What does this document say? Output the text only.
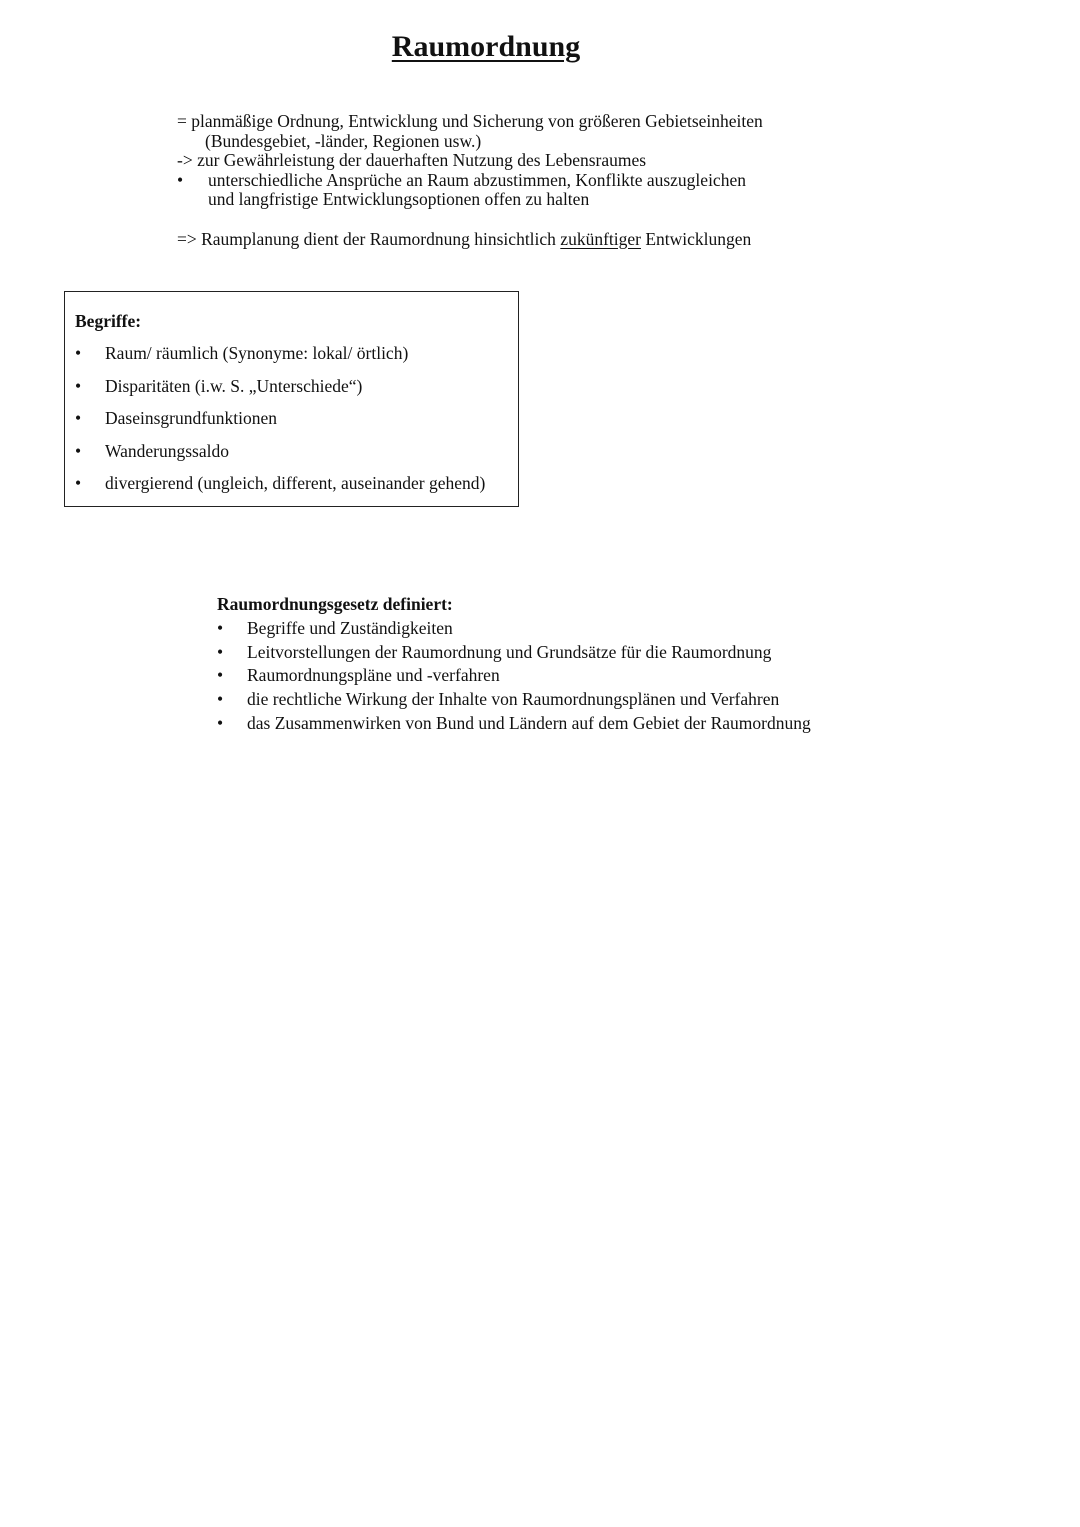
Raumordnung
= planmäßige Ordnung, Entwicklung und Sicherung von größeren Gebietseinheiten
(Bundesgebiet, -länder, Regionen usw.)
-> zur Gewährleistung der dauerhaften Nutzung des Lebensraumes
•	unterschiedliche Ansprüche an Raum abzustimmen, Konflikte auszugleichen
und langfristige Entwicklungsoptionen offen zu halten
=> Raumplanung dient der Raumordnung hinsichtlich zukünftiger Entwicklungen
Begriffe:
•	Raum/ räumlich (Synonyme: lokal/ örtlich)
•	Disparitäten (i.w. S. „Unterschiede“)
•	Daseinsgrundfunktionen
•	Wanderungssaldo
•	divergierend (ungleich, different, auseinander gehend)
Raumordnungsgesetz definiert:
•	Begriffe und Zuständigkeiten
•	Leitvorstellungen der Raumordnung und Grundsätze für die Raumordnung
•	Raumordnungspläne und -verfahren
•	die rechtliche Wirkung der Inhalte von Raumordnungsplänen und Verfahren
•	das Zusammenwirken von Bund und Ländern auf dem Gebiet der Raumordnung
